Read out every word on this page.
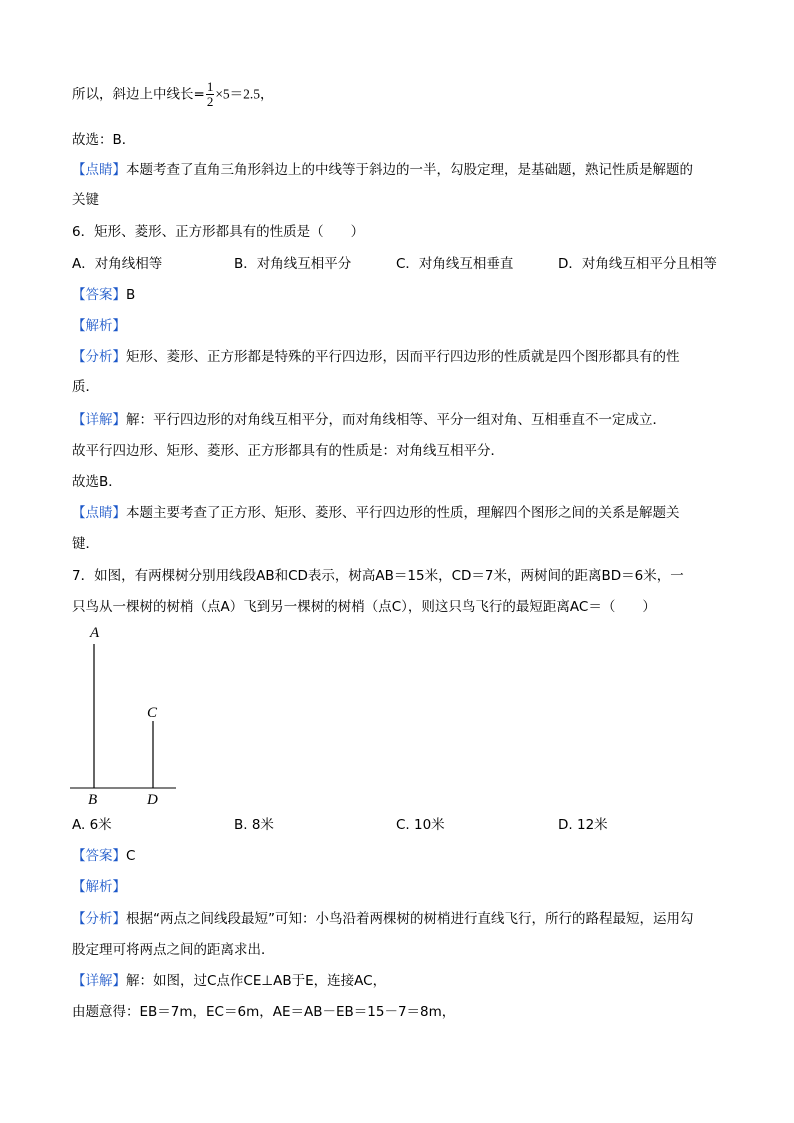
所以，斜边上中线长= $\frac{1}{2} \times 5=2.5$，
故选：B．
【点睛】本题考查了直角三角形斜边上的中线等于斜边的一半，勾股定理，是基础题，熟记性质是解题的
关键
6．矩形、菱形、正方形都具有的性质是（　　）
A．对角线相等	B．对角线互相平分	C．对角线互相垂直	D．对角线互相平分且相等
【答案】B
【解析】
【分析】矩形、菱形、正方形都是特殊的平行四边形，因而平行四边形的性质就是四个图形都具有的性
质．
【详解】解：平行四边形的对角线互相平分，而对角线相等、平分一组对角、互相垂直不一定成立．
故平行四边形、矩形、菱形、正方形都具有的性质是：对角线互相平分．
故选B．
【点睛】本题主要考查了正方形、矩形、菱形、平行四边形的性质，理解四个图形之间的关系是解题关
键．
7．如图，有两棵树分别用线段AB和CD表示，树高AB＝15米，CD＝7米，两树间的距离BD＝6米，一
只鸟从一棵树的树梢（点A）飞到另一棵树的树梢（点C），则这只鸟飞行的最短距离AC＝（　　）
A
C
B	D
A. 6米	B. 8米	C. 10米	D. 12米
【答案】C
【解析】
【分析】根据“两点之间线段最短”可知：小鸟沿着两棵树的树梢进行直线飞行，所行的路程最短，运用勾
股定理可将两点之间的距离求出．
【详解】解：如图，过C点作CE⊥AB于E，连接AC，
由题意得：EB＝7m，EC＝6m，AE＝AB－EB＝15－7＝8m，
